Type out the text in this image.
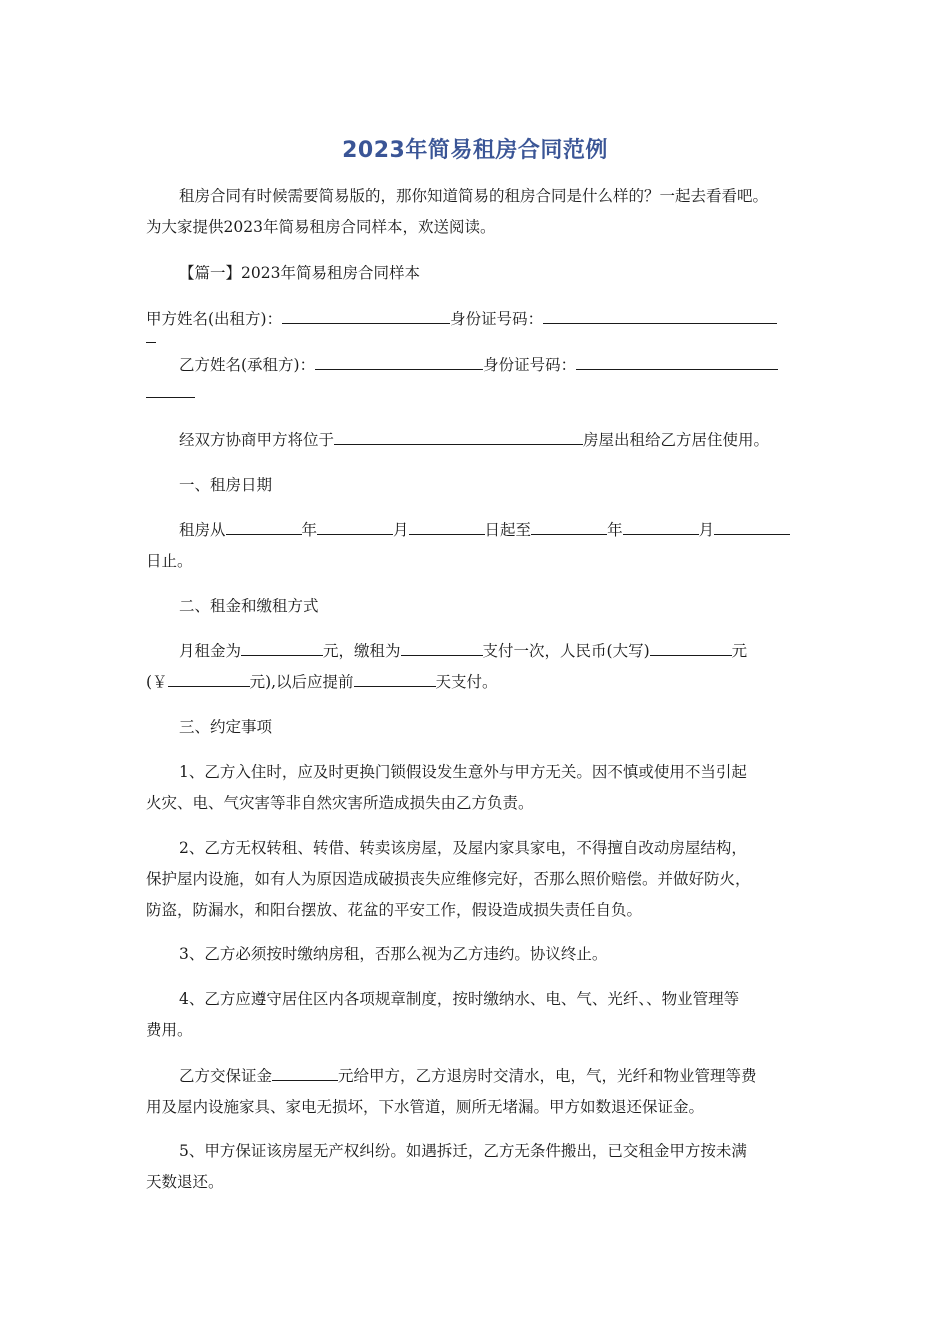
2023年简易租房合同范例
租房合同有时候需要简易版的，那你知道简易的租房合同是什么样的？一起去看看吧。
为大家提供2023年简易租房合同样本，欢送阅读。
【篇一】2023年简易租房合同样本
甲方姓名(出租方)：	身份证号码：
乙方姓名(承租方)：	身份证号码：
经双方协商甲方将位于	房屋出租给乙方居住使用。
一、租房日期
租房从	年	月	日起至	年	月
日止。
二、租金和缴租方式
月租金为	元，缴租为	支付一次，人民币(大写)	元
(￥	元),以后应提前	天支付。
三、约定事项
1、乙方入住时，应及时更换门锁假设发生意外与甲方无关。因不慎或使用不当引起
火灾、电、气灾害等非自然灾害所造成损失由乙方负责。
2、乙方无权转租、转借、转卖该房屋，及屋内家具家电，不得擅自改动房屋结构，
保护屋内设施，如有人为原因造成破损丧失应维修完好，否那么照价赔偿。并做好防火，
防盗，防漏水，和阳台摆放、花盆的平安工作，假设造成损失责任自负。
3、乙方必须按时缴纳房租，否那么视为乙方违约。协议终止。
4、乙方应遵守居住区内各项规章制度，按时缴纳水、电、气、光纤、、物业管理等
费用。
乙方交保证金	元给甲方，乙方退房时交清水，电，气，光纤和物业管理等费
用及屋内设施家具、家电无损坏，下水管道，厕所无堵漏。甲方如数退还保证金。
5、甲方保证该房屋无产权纠纷。如遇拆迁，乙方无条件搬出，已交租金甲方按未满
天数退还。
